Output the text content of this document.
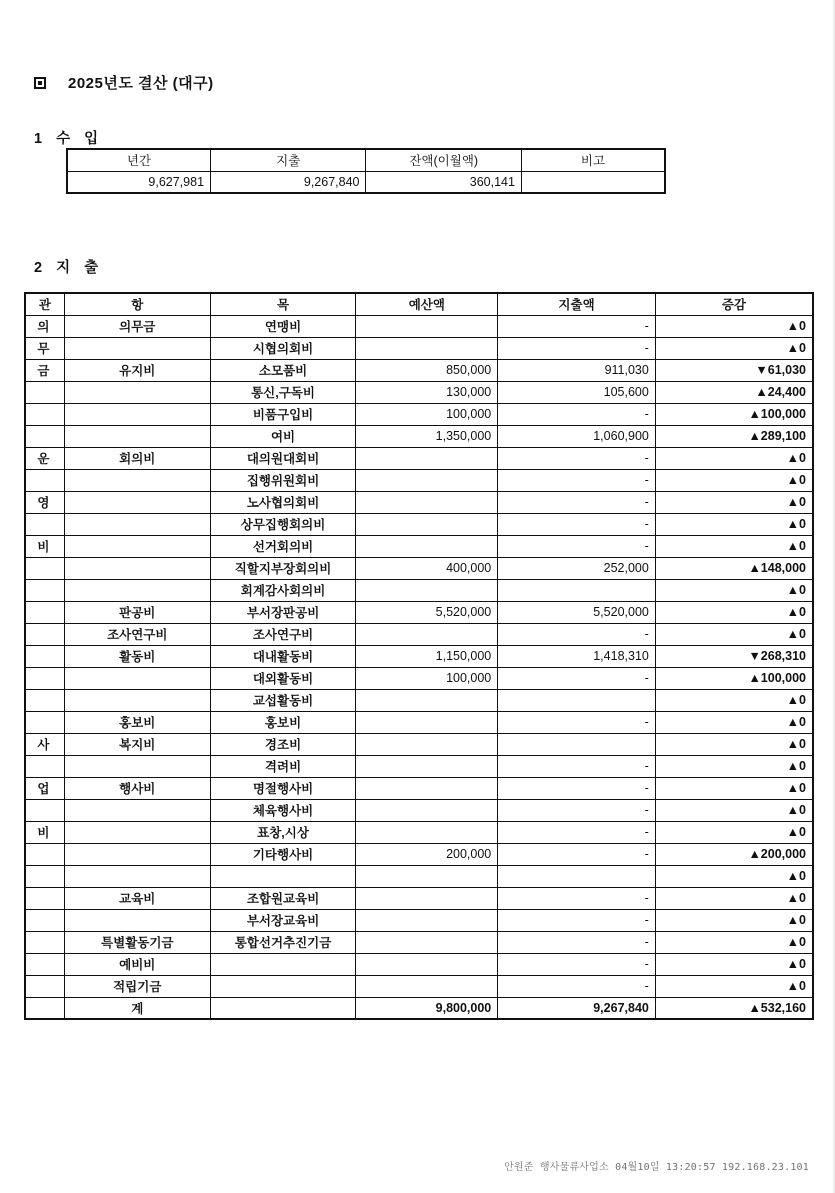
2025년도 결산 (대구)
1 수 입
년간	지출	잔액(이월액)	비고
9,627,981	9,267,840	360,141	
2 지 출
관	항	목	예산액	지출액	증감
의	의무금	연맹비		-	▲0
무		시협의회비		-	▲0
금	유지비	소모품비	850,000	911,030	▼61,030
		통신,구독비	130,000	105,600	▲24,400
		비품구입비	100,000	-	▲100,000
		여비	1,350,000	1,060,900	▲289,100
운	회의비	대의원대회비		-	▲0
		집행위원회비		-	▲0
영		노사협의회비		-	▲0
		상무집행회의비		-	▲0
비		선거회의비		-	▲0
		직할지부장회의비	400,000	252,000	▲148,000
		회계감사회의비			▲0
	판공비	부서장판공비	5,520,000	5,520,000	▲0
	조사연구비	조사연구비		-	▲0
	활동비	대내활동비	1,150,000	1,418,310	▼268,310
		대외활동비	100,000	-	▲100,000
		교섭활동비			▲0
	홍보비	홍보비		-	▲0
사	복지비	경조비			▲0
		격려비		-	▲0
업	행사비	명절행사비		-	▲0
		체육행사비		-	▲0
비		표창,시상		-	▲0
		기타행사비	200,000	-	▲200,000
					▲0
	교육비	조합원교육비		-	▲0
		부서장교육비		-	▲0
	특별활동기금	통합선거추진기금		-	▲0
	예비비			-	▲0
	적립기금			-	▲0
	계		9,800,000	9,267,840	▲532,160
안원준 행사물류사업소 04월10일 13:20:57 192.168.23.101
